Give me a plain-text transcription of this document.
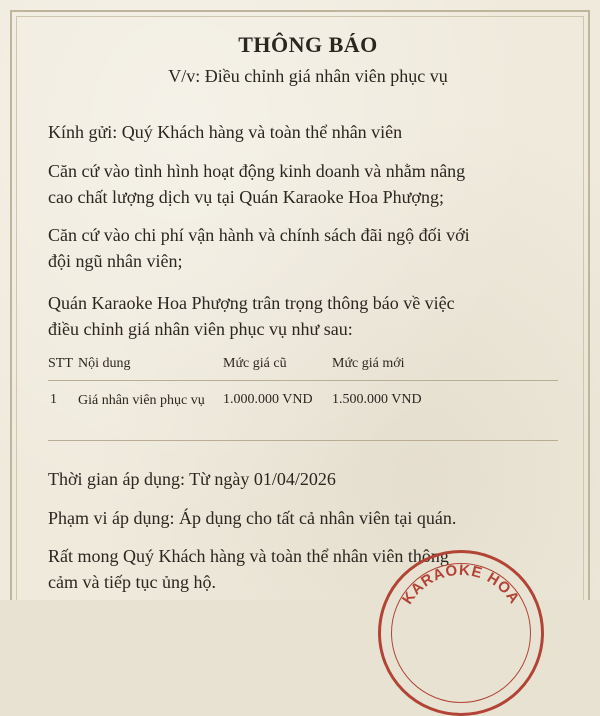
THÔNG BÁO
V/v: Điều chỉnh giá nhân viên phục vụ
Kính gửi: Quý Khách hàng và toàn thể nhân viên
Căn cứ vào tình hình hoạt động kinh doanh và nhằm nâng
cao chất lượng dịch vụ tại Quán Karaoke Hoa Phượng;
Căn cứ vào chi phí vận hành và chính sách đãi ngộ đối với
đội ngũ nhân viên;
Quán Karaoke Hoa Phượng trân trọng thông báo về việc
điều chỉnh giá nhân viên phục vụ như sau:
STT Nội dung	Mức giá cũ	Mức giá mới
1 Giá nhân viên phục vụ	1.000.000 VND 1.500.000 VND
Thời gian áp dụng: Từ ngày 01/04/2026
Phạm vi áp dụng: Áp dụng cho tất cả nhân viên tại quán.
Rất mong Quý Khách hàng và toàn thể nhân viên thông
cảm và tiếp tục ủng hộ.
KARAOKE HOA
